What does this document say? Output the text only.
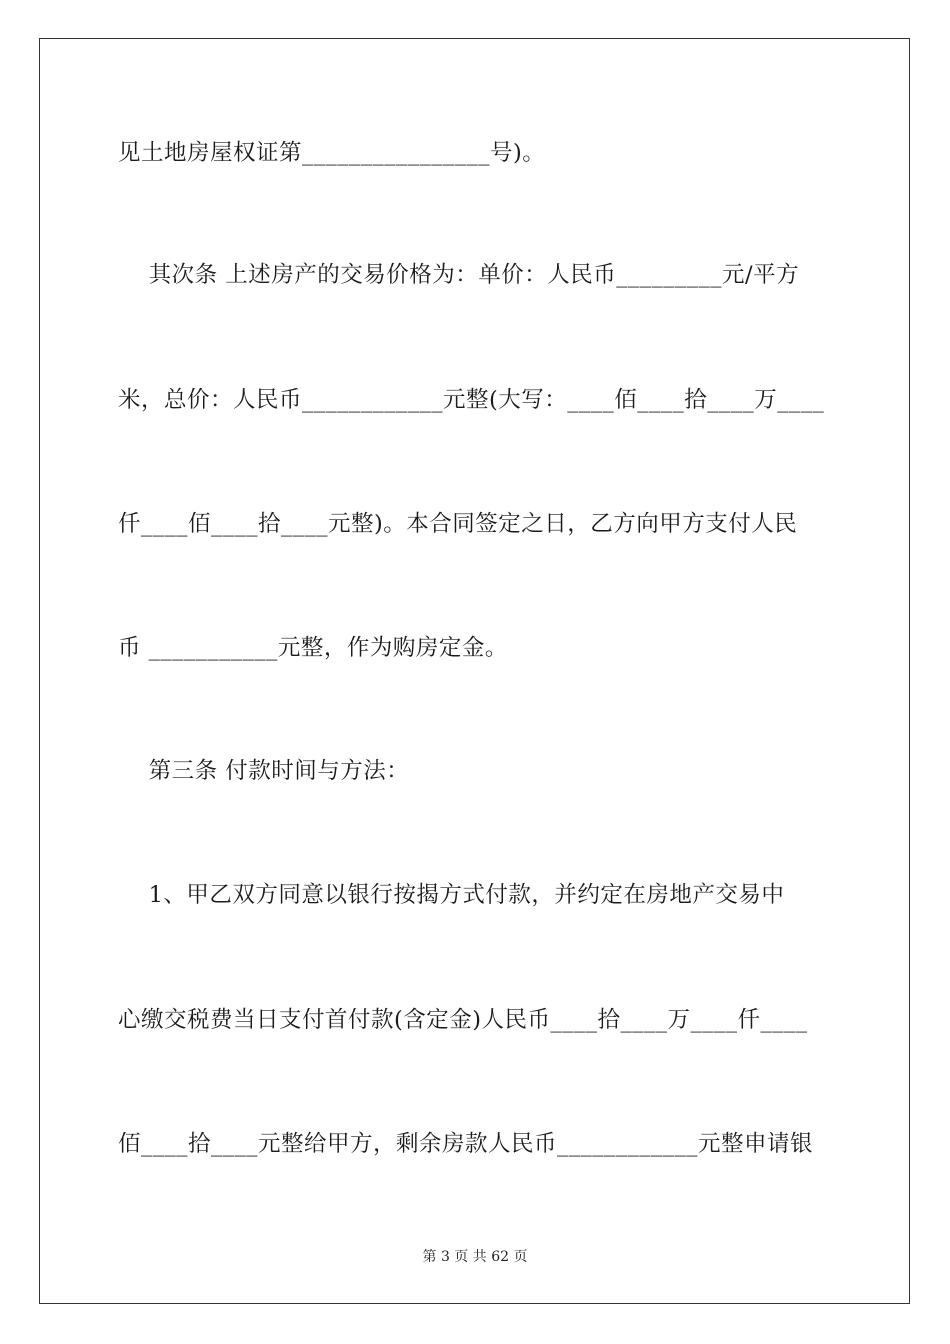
见土地房屋权证第________________号)。
其次条 上述房产的交易价格为：单价：人民币_________元/平方
米，总价：人民币____________元整(大写：____佰____拾____万____
仟____佰____拾____元整)。本合同签定之日，乙方向甲方支付人民
币 ___________元整，作为购房定金。
第三条 付款时间与方法：
1、甲乙双方同意以银行按揭方式付款，并约定在房地产交易中
心缴交税费当日支付首付款(含定金)人民币____拾____万____仟____
佰____拾____元整给甲方，剩余房款人民币____________元整申请银
第 3 页 共 62 页
